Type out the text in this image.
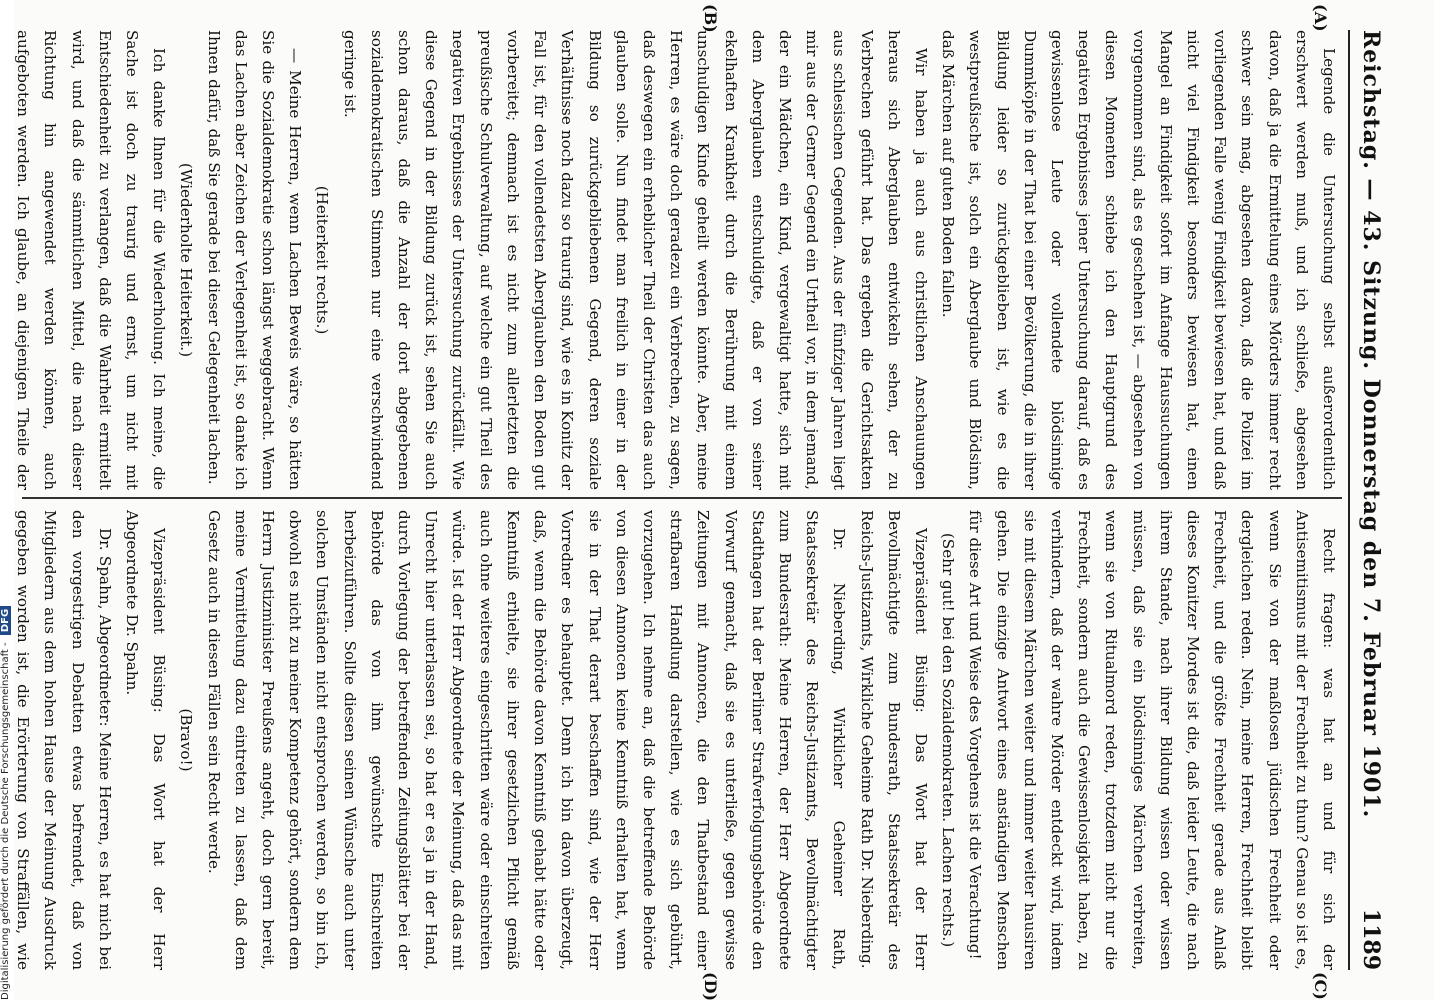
Reichstag. — 43. Sitzung. Donnerstag den 7. Februar 1901.
1189
(A)
(B)
(C)
(D)

Legende die Untersuchung selbst außerordentlich erschwert werden muß, und ich schließe, abgesehen davon, daß ja die Ermittelung eines Mörders immer recht schwer sein mag, abgesehen davon, daß die Polizei im vorliegenden Falle wenig Findigkeit bewiesen hat, und daß nicht viel Findigkeit besonders bewiesen hat, einen Mangel an Findigkeit sofort im Anfange Haussuchungen vorgenommen sind, als es geschehen ist, — abgesehen von diesen Momenten schiebe ich den Hauptgrund des negativen Ergebnisses jener Untersuchung darauf, daß es gewissenlose Leute oder vollendete blödsinnige Dummköpfe in der That bei einer Bevölkerung, die in ihrer Bildung leider so zurückgeblieben ist, wie es die westpreußische ist, solch ein Aberglaube und Blödsinn, daß Märchen auf guten Boden fallen.

Wir haben ja auch aus christlichen Anschauungen heraus sich Aberglauben entwickeln sehen, der zu Verbrechen geführt hat. Das ergeben die Gerichtsakten aus schlesischen Gegenden. Aus der fünfziger Jahren liegt mir aus der Gerner Gegend ein Urtheil vor, in dem jemand, der ein Mädchen, ein Kind, vergewaltigt hatte, sich mit dem Aberglauben entschuldigte, daß er von seiner ekelhaften Krankheit durch die Berührung mit einem unschuldigen Kinde geheilt werden könnte. Aber, meine Herren, es wäre doch geradezu ein Verbrechen, zu sagen, daß deswegen ein erheblicher Theil der Christen das auch glauben solle. Nun findet man freilich in einer in der Bildung so zurückgebliebenen Gegend, deren soziale Verhältnisse noch dazu so traurig sind, wie es in Konitz der Fall ist, für den vollendetsten Aberglauben den Boden gut vorbereitet; demnach ist es nicht zum allerletzten die preußische Schulverwaltung, auf welche ein gut Theil des negativen Ergebnisses der Untersuchung zurückfällt. Wie diese Gegend in der Bildung zurück ist, sehen Sie auch schon daraus, daß die Anzahl der dort abgegebenen sozialdemokratischen Stimmen nur eine verschwindend geringe ist.

(Heiterkeit rechts.)

— Meine Herren, wenn Lachen Beweis wäre, so hätten Sie die Sozialdemokratie schon längst weggebracht. Wenn das Lachen aber Zeichen der Verlegenheit ist, so danke ich Ihnen dafür, daß Sie gerade bei dieser Gelegenheit lachen.

(Wiederholte Heiterkeit.)

Ich danke Ihnen für die Wiederholung. Ich meine, die Sache ist doch zu traurig und ernst, um nicht mit Entschiedenheit zu verlangen, daß die Wahrheit ermittelt wird, und daß die sämmtlichen Mittel, die nach dieser Richtung hin angewendet werden können, auch aufgeboten werden. Ich glaube, an diejenigen Theile der

Recht fragen: was hat an und für sich der Antisemitismus mit der Frechheit zu thun? Genau so ist es, wenn Sie von der maßlosen jüdischen Frechheit oder dergleichen reden. Nein, meine Herren, Frechheit bleibt Frechheit, und die größte Frechheit gerade aus Anlaß dieses Konitzer Mordes ist die, daß leider Leute, die nach ihrem Stande, nach ihrer Bildung wissen oder wissen müssen, daß sie ein blödsinniges Märchen verbreiten, wenn sie von Ritualmord reden, trotzdem nicht nur die Frechheit, sondern auch die Gewissenlosigkeit haben, zu verhindern, daß der wahre Mörder entdeckt wird, indem sie mit diesem Märchen weiter und immer weiter hausiren gehen. Die einzige Antwort eines anständigen Menschen für diese Art und Weise des Vorgehens ist die Verachtung!

(Sehr gut! bei den Sozialdemokraten. Lachen rechts.)

Vizepräsident Büsing: Das Wort hat der Herr Bevollmächtigte zum Bundesrath, Staatssekretär des Reichs-Justizamts, Wirkliche Geheime Rath Dr. Nieberding.

Dr. Nieberding, Wirklicher Geheimer Rath, Staatssekretär des Reichs-Justizamts, Bevollmächtigter zum Bundesrath: Meine Herren, der Herr Abgeordnete Stadthagen hat der Berliner Strafverfolgungsbehörde den Vorwurf gemacht, daß sie es unterließe, gegen gewisse Zeitungen mit Annoncen, die den Thatbestand einer strafbaren Handlung darstellen, wie es sich gebührt, vorzugehen. Ich nehme an, daß die betreffende Behörde von diesen Annoncen keine Kenntniß erhalten hat, wenn sie in der That derart beschaffen sind, wie der Herr Vorredner es behauptet. Denn ich bin davon überzeugt, daß, wenn die Behörde davon Kenntniß gehabt hätte oder Kenntniß erhielte, sie ihrer gesetzlichen Pflicht gemäß auch ohne weiteres eingeschritten wäre oder einschreiten würde. Ist der Herr Abgeordnete der Meinung, daß das mit Unrecht hier unterlassen sei, so hat er es ja in der Hand, durch Vorlegung der betreffenden Zeitungsblätter bei der Behörde das von ihm gewünschte Einschreiten herbeizuführen. Sollte diesen seinen Wünsche auch unter solchen Umständen nicht entsprochen werden, so bin ich, obwohl es nicht zu meiner Kompetenz gehört, sondern dem Herrn Justizminister Preußens angeht, doch gern bereit, meine Vermittelung dazu eintreten zu lassen, daß dem Gesetz auch in diesen Fällen sein Recht werde.

(Bravo!)

Vizepräsident Büsing: Das Wort hat der Herr Abgeordnete Dr. Spahn.

Dr. Spahn, Abgeordneter: Meine Herren, es hat mich bei den vorgestrigen Debatten etwas befremdet, daß von Mitgliedern aus dem hohen Hause der Meinung Ausdruck gegeben worden ist, die Erörterung von Straffällen, wie

Digitalisierung gefördert durch die Deutsche Forschungsgemeinschaft - DFG
